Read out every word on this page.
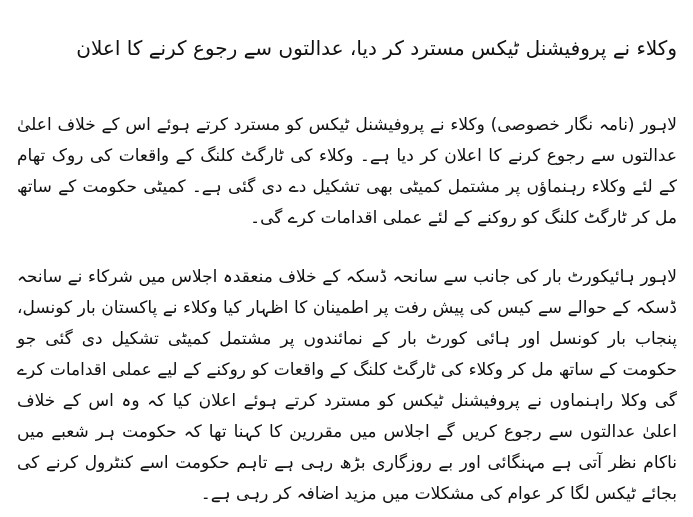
وکلاء نے پروفیشنل ٹیکس مسترد کر دیا، عدالتوں سے رجوع کرنے کا اعلان

لاہور (نامہ نگار خصوصی) وکلاء نے پروفیشنل ٹیکس کو مسترد کرتے ہوئے اس کے خلاف اعلیٰ عدالتوں سے رجوع کرنے کا اعلان کر دیا ہے۔ وکلاء کی ٹارگٹ کلنگ کے واقعات کی روک تھام کے لئے وکلاء رہنماؤں پر مشتمل کمیٹی بھی تشکیل دے دی گئی ہے۔ کمیٹی حکومت کے ساتھ مل کر ٹارگٹ کلنگ کو روکنے کے لئے عملی اقدامات کرے گی۔

لاہور ہائیکورٹ بار کی جانب سے سانحہ ڈسکہ کے خلاف منعقدہ اجلاس میں شرکاء نے سانحہ ڈسکہ کے حوالے سے کیس کی پیش رفت پر اطمینان کا اظہار کیا وکلاء نے پاکستان بار کونسل، پنجاب بار کونسل اور ہائی کورٹ بار کے نمائندوں پر مشتمل کمیٹی تشکیل دی گئی جو حکومت کے ساتھ مل کر وکلاء کی ٹارگٹ کلنگ کے واقعات کو روکنے کے لیے عملی اقدامات کرے گی وکلا راہنماوں نے پروفیشنل ٹیکس کو مسترد کرتے ہوئے اعلان کیا کہ وہ اس کے خلاف اعلیٰ عدالتوں سے رجوع کریں گے اجلاس میں مقررین کا کہنا تھا کہ حکومت ہر شعبے میں ناکام نظر آتی ہے مہنگائی اور بے روزگاری بڑھ رہی ہے تاہم حکومت اسے کنٹرول کرنے کی بجائے ٹیکس لگا کر عوام کی مشکلات میں مزید اضافہ کر رہی ہے۔
